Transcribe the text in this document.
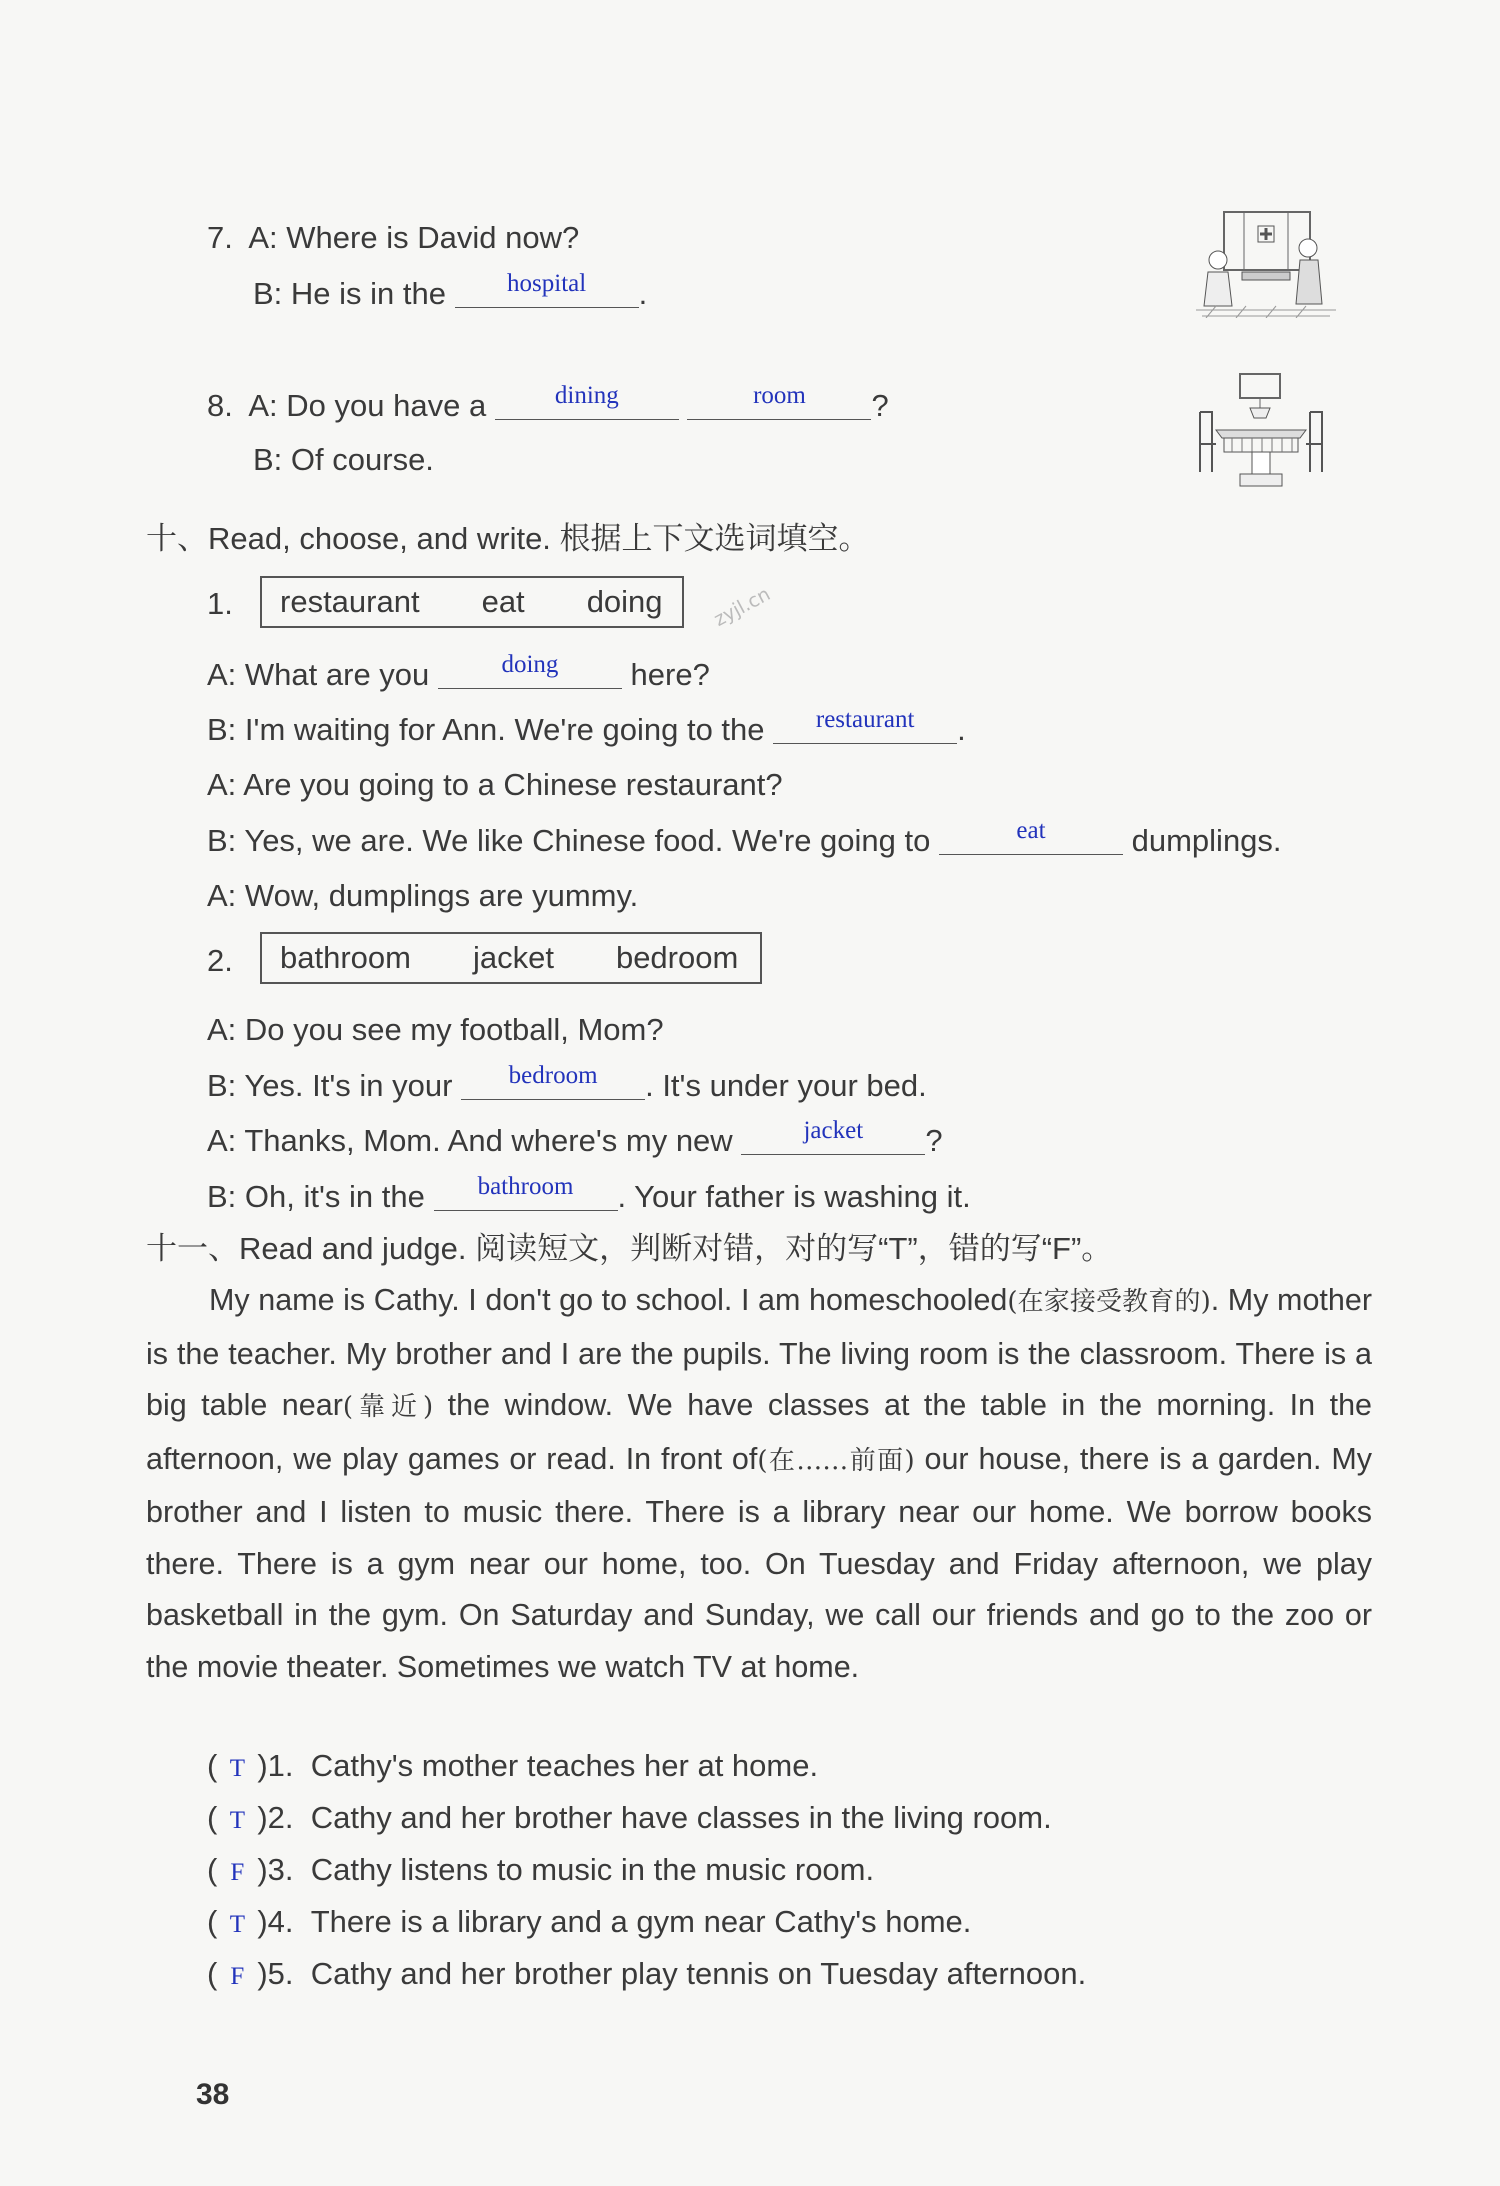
7. A: Where is David now?
B: He is in the	hospital	.
8. A: Do you have a	dining
	room	?
B: Of course.
十、Read, choose, and write. 根据上下文选词填空。
1. restaurant eat doing	zyjl.cn
A: What are you	doing	here?
B: I'm waiting for Ann. We're going to the	restaurant	.
A: Are you going to a Chinese restaurant?
B: Yes, we are. We like Chinese food. We're going to	eat	dumplings.
A: Wow, dumplings are yummy.
2. bathroom jacket bedroom
A: Do you see my football, Mom?
B: Yes. It's in your	bedroom	. It's under your bed.
A: Thanks, Mom. And where's my new	jacket	?
B: Oh, it's in the	bathroom	. Your father is washing it.
十一、Read and judge. 阅读短文，判断对错，对的写“T”，错的写“F”。
My name is Cathy. I don't go to school. I am homeschooled(在家接受教育的). My mother is the teacher. My brother and I are the pupils. The living room is the classroom. There is a big table near(靠近) the window. We have classes at the table in the morning. In the afternoon, we play games or read. In front of(在……前面) our house, there is a garden. My brother and I listen to music there. There is a library near our home. We borrow books there. There is a gym near our home, too. On Tuesday and Friday afternoon, we play basketball in the gym. On Saturday and Sunday, we call our friends and go to the zoo or the movie theater. Sometimes we watch TV at home.
( T )1. Cathy's mother teaches her at home.
( T )2. Cathy and her brother have classes in the living room.
( F )3. Cathy listens to music in the music room.
( T )4. There is a library and a gym near Cathy's home.
( F )5. Cathy and her brother play tennis on Tuesday afternoon.
38
